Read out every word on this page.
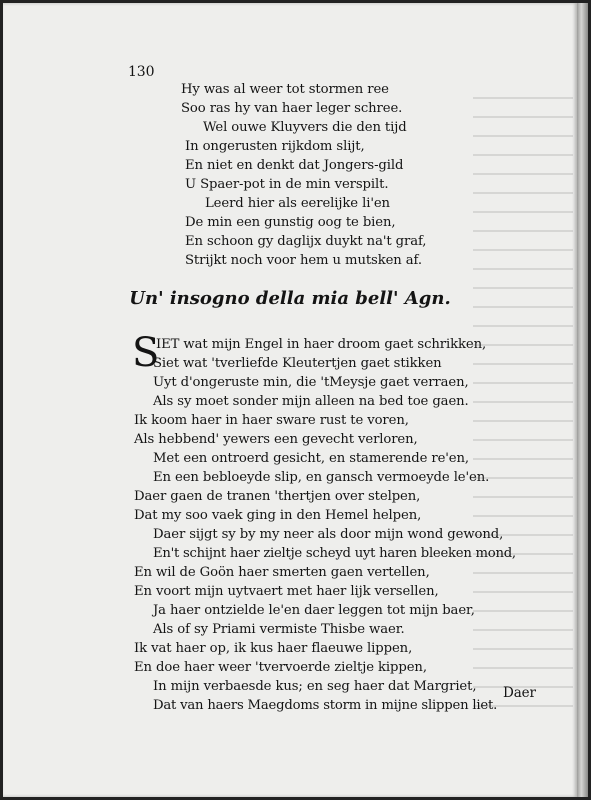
130
Hy was al weer tot stormen ree
Soo ras hy van haer leger schree.
Wel ouwe Kluyvers die den tijd
In ongerusten rijkdom slijt,
En niet en denkt dat Jongers-gild
U Spaer-pot in de min verspilt.
Leerd hier als eerelijke li'en
De min een gunstig oog te bien,
En schoon gy daglijx duykt na't graf,
Strijkt noch voor hem u mutsken af.
Un' insogno della mia bell' Agn.
S
IET wat mijn Engel in haer droom gaet schrikken,
Siet wat 'tverliefde Kleutertjen gaet stikken
Uyt d'ongeruste min, die 'tMeysje gaet verraen,
Als sy moet sonder mijn alleen na bed toe gaen.
Ik koom haer in haer sware rust te voren,
Als hebbend' yewers een gevecht verloren,
Met een ontroerd gesicht, en stamerende re'en,
En een bebloeyde slip, en gansch vermoeyde le'en.
Daer gaen de tranen 'thertjen over stelpen,
Dat my soo vaek ging in den Hemel helpen,
Daer sijgt sy by my neer als door mijn wond gewond,
En't schijnt haer zieltje scheyd uyt haren bleeken mond,
En wil de Goön haer smerten gaen vertellen,
En voort mijn uytvaert met haer lijk versellen,
Ja haer ontzielde le'en daer leggen tot mijn baer,
Als of sy Priami vermiste Thisbe waer.
Ik vat haer op, ik kus haer flaeuwe lippen,
En doe haer weer 'tvervoerde zieltje kippen,
In mijn verbaesde kus; en seg haer dat Margriet,
Dat van haers Maegdoms storm in mijne slippen liet.
Daer
